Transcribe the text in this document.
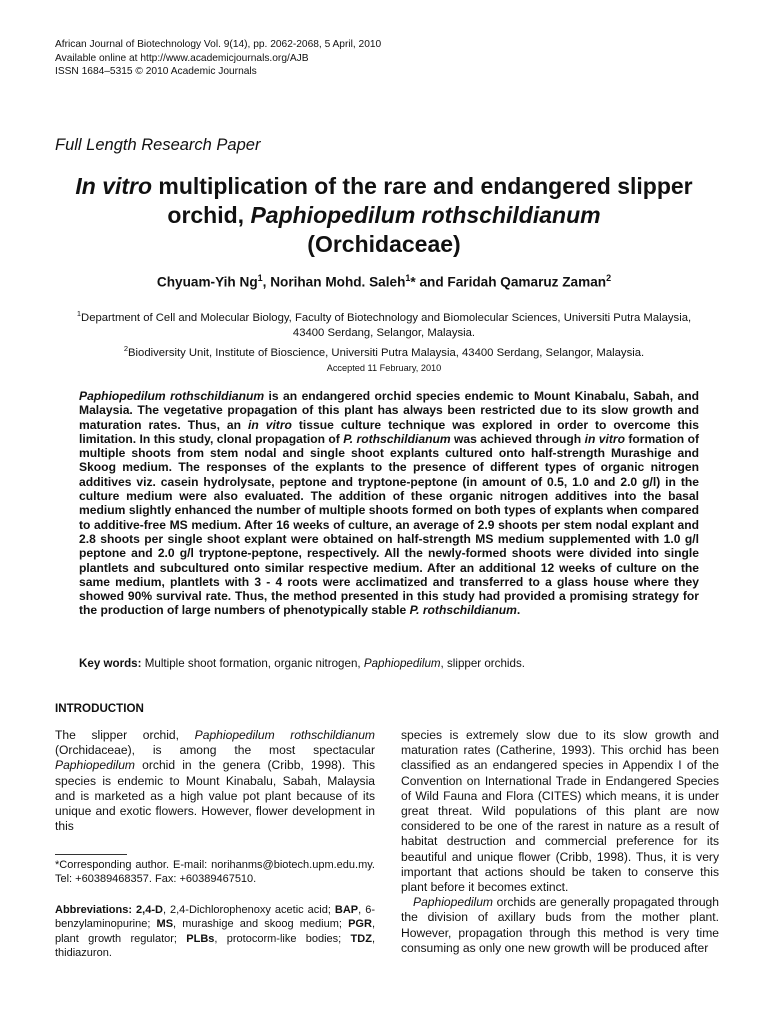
African Journal of Biotechnology Vol. 9(14), pp. 2062-2068, 5 April, 2010
Available online at http://www.academicjournals.org/AJB
ISSN 1684–5315 © 2010 Academic Journals
Full Length Research Paper
In vitro multiplication of the rare and endangered slipper orchid, Paphiopedilum rothschildianum
(Orchidaceae)
Chyuam-Yih Ng$^1$, Norihan Mohd. Saleh$^1$* and Faridah Qamaruz Zaman$^2$
$^1$Department of Cell and Molecular Biology, Faculty of Biotechnology and Biomolecular Sciences, Universiti Putra Malaysia, 43400 Serdang, Selangor, Malaysia.
$^2$Biodiversity Unit, Institute of Bioscience, Universiti Putra Malaysia, 43400 Serdang, Selangor, Malaysia.
Accepted 11 February, 2010
Paphiopedilum rothschildianum is an endangered orchid species endemic to Mount Kinabalu, Sabah, and Malaysia. The vegetative propagation of this plant has always been restricted due to its slow growth and maturation rates. Thus, an in vitro tissue culture technique was explored in order to overcome this limitation. In this study, clonal propagation of P. rothschildianum was achieved through in vitro formation of multiple shoots from stem nodal and single shoot explants cultured onto half-strength Murashige and Skoog medium. The responses of the explants to the presence of different types of organic nitrogen additives viz. casein hydrolysate, peptone and tryptone-peptone (in amount of 0.5, 1.0 and 2.0 g/l) in the culture medium were also evaluated. The addition of these organic nitrogen additives into the basal medium slightly enhanced the number of multiple shoots formed on both types of explants when compared to additive-free MS medium. After 16 weeks of culture, an average of 2.9 shoots per stem nodal explant and 2.8 shoots per single shoot explant were obtained on half-strength MS medium supplemented with 1.0 g/l peptone and 2.0 g/l tryptone-peptone, respectively. All the newly-formed shoots were divided into single plantlets and subcultured onto similar respective medium. After an additional 12 weeks of culture on the same medium, plantlets with 3 - 4 roots were acclimatized and transferred to a glass house where they showed 90% survival rate. Thus, the method presented in this study had provided a promising strategy for the production of large numbers of phenotypically stable P. rothschildianum.
Key words: Multiple shoot formation, organic nitrogen, Paphiopedilum, slipper orchids.
INTRODUCTION
The slipper orchid, Paphiopedilum rothschildianum (Orchidaceae), is among the most spectacular Paphiopedilum orchid in the genera (Cribb, 1998). This species is endemic to Mount Kinabalu, Sabah, Malaysia and is marketed as a high value pot plant because of its unique and exotic flowers. However, flower development in this
*Corresponding author. E-mail: norihanms@biotech.upm.edu.my. Tel: +60389468357. Fax: +60389467510.
Abbreviations: 2,4-D, 2,4-Dichlorophenoxy acetic acid; BAP, 6-benzylaminopurine; MS, murashige and skoog medium; PGR, plant growth regulator; PLBs, protocorm-like bodies; TDZ, thidiazuron.

species is extremely slow due to its slow growth and maturation rates (Catherine, 1993). This orchid has been classified as an endangered species in Appendix I of the Convention on International Trade in Endangered Species of Wild Fauna and Flora (CITES) which means, it is under great threat. Wild populations of this plant are now considered to be one of the rarest in nature as a result of habitat destruction and commercial preference for its beautiful and unique flower (Cribb, 1998). Thus, it is very important that actions should be taken to conserve this plant before it becomes extinct.

Paphiopedilum orchids are generally propagated through the division of axillary buds from the mother plant. However, propagation through this method is very time consuming as only one new growth will be produced after
